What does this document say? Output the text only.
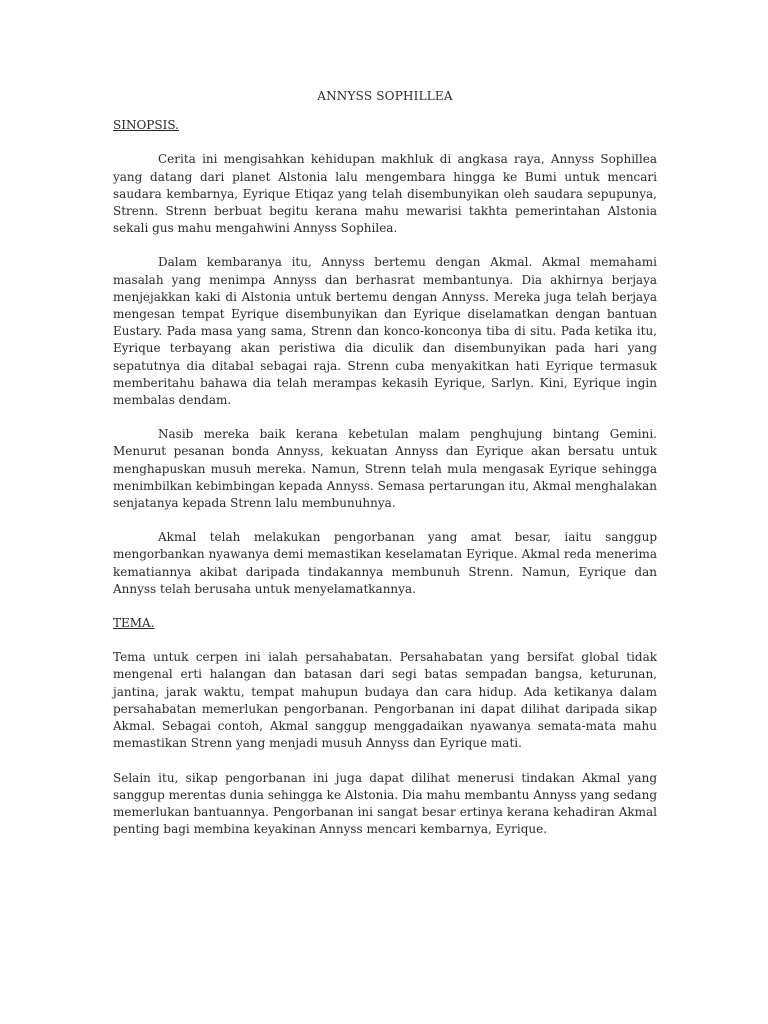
ANNYSS SOPHILLEA
SINOPSIS.

Cerita ini mengisahkan kehidupan makhluk di angkasa raya, Annyss Sophillea yang datang dari planet Alstonia lalu mengembara hingga ke Bumi untuk mencari saudara kembarnya, Eyrique Etiqaz yang telah disembunyikan oleh saudara sepupunya, Strenn. Strenn berbuat begitu kerana mahu mewarisi takhta pemerintahan Alstonia sekali gus mahu mengahwini Annyss Sophilea.

Dalam kembaranya itu, Annyss bertemu dengan Akmal. Akmal memahami masalah yang menimpa Annyss dan berhasrat membantunya. Dia akhirnya berjaya menjejakkan kaki di Alstonia untuk bertemu dengan Annyss. Mereka juga telah berjaya mengesan tempat Eyrique disembunyikan dan Eyrique diselamatkan dengan bantuan Eustary. Pada masa yang sama, Strenn dan konco-konconya tiba di situ. Pada ketika itu, Eyrique terbayang akan peristiwa dia diculik dan disembunyikan pada hari yang sepatutnya dia ditabal sebagai raja. Strenn cuba menyakitkan hati Eyrique termasuk memberitahu bahawa dia telah merampas kekasih Eyrique, Sarlyn. Kini, Eyrique ingin membalas dendam.

Nasib mereka baik kerana kebetulan malam penghujung bintang Gemini. Menurut pesanan bonda Annyss, kekuatan Annyss dan Eyrique akan bersatu untuk menghapuskan musuh mereka. Namun, Strenn telah mula mengasak Eyrique sehingga menimbilkan kebimbingan kepada Annyss. Semasa pertarungan itu, Akmal menghalakan senjatanya kepada Strenn lalu membunuhnya.

Akmal telah melakukan pengorbanan yang amat besar, iaitu sanggup mengorbankan nyawanya demi memastikan keselamatan Eyrique. Akmal reda menerima kematiannya akibat daripada tindakannya membunuh Strenn. Namun, Eyrique dan Annyss telah berusaha untuk menyelamatkannya.

TEMA.

Tema untuk cerpen ini ialah persahabatan. Persahabatan yang bersifat global tidak mengenal erti halangan dan batasan dari segi batas sempadan bangsa, keturunan, jantina, jarak waktu, tempat mahupun budaya dan cara hidup. Ada ketikanya dalam persahabatan memerlukan pengorbanan. Pengorbanan ini dapat dilihat daripada sikap Akmal. Sebagai contoh, Akmal sanggup menggadaikan nyawanya semata-mata mahu memastikan Strenn yang menjadi musuh Annyss dan Eyrique mati.

Selain itu, sikap pengorbanan ini juga dapat dilihat menerusi tindakan Akmal yang sanggup merentas dunia sehingga ke Alstonia. Dia mahu membantu Annyss yang sedang memerlukan bantuannya. Pengorbanan ini sangat besar ertinya kerana kehadiran Akmal penting bagi membina keyakinan Annyss mencari kembarnya, Eyrique.
